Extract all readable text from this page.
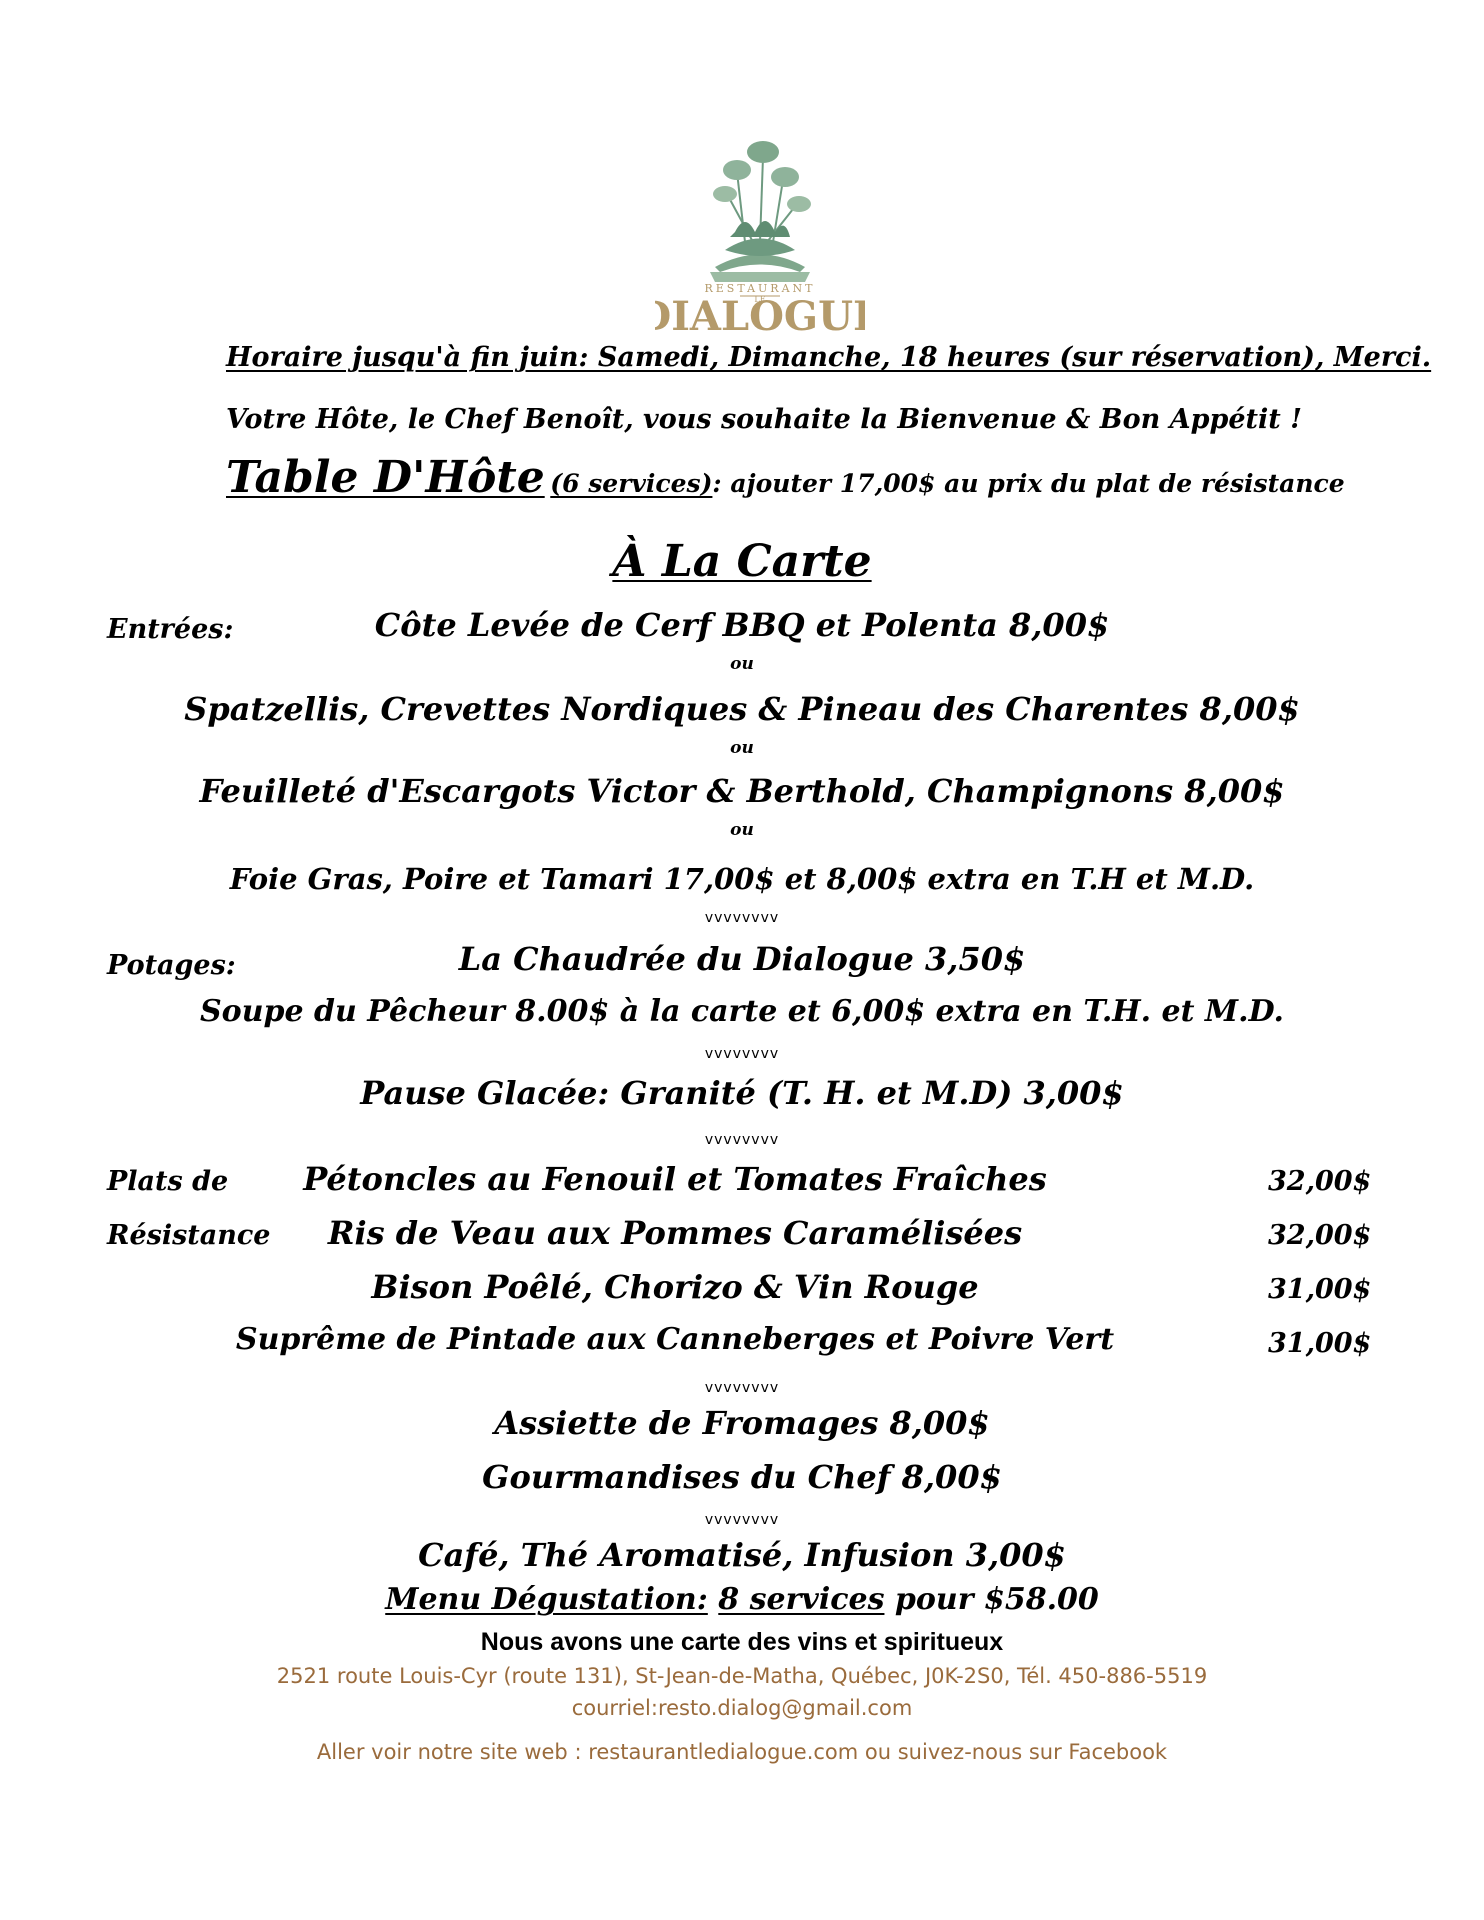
RESTAURANT
LE
IALOGU
Horaire jusqu'à fin juin: Samedi, Dimanche, 18 heures (sur réservation), Merci.
Votre Hôte, le Chef Benoît, vous souhaite la Bienvenue & Bon Appétit !
Table D'Hôte (6 services): ajouter 17,00$ au prix du plat de résistance
À La Carte
Entrées:	Côte Levée de Cerf BBQ et Polenta 8,00$
ou
Spatzellis, Crevettes Nordiques & Pineau des Charentes 8,00$
ou
Feuilleté d'Escargots Victor & Berthold, Champignons 8,00$
ou
Foie Gras, Poire et Tamari 17,00$ et 8,00$ extra en T.H et M.D.
vvvvvvvv
Potages:	La Chaudrée du Dialogue 3,50$
Soupe du Pêcheur 8.00$ à la carte et 6,00$ extra en T.H. et M.D.
vvvvvvvv
Pause Glacée: Granité (T. H. et M.D) 3,00$
vvvvvvvv
Plats de
Résistance
Pétoncles au Fenouil et Tomates Fraîches	32,00$
Ris de Veau aux Pommes Caramélisées	32,00$
Bison Poêlé, Chorizo & Vin Rouge	31,00$
Suprême de Pintade aux Canneberges et Poivre Vert	31,00$
vvvvvvvv
Assiette de Fromages 8,00$
Gourmandises du Chef 8,00$
vvvvvvvv
Café, Thé Aromatisé, Infusion 3,00$
Menu Dégustation: 8 services pour $58.00
Nous avons une carte des vins et spiritueux
2521 route Louis-Cyr (route 131), St-Jean-de-Matha, Québec, J0K-2S0, Tél. 450-886-5519
courriel:resto.dialog@gmail.com
Aller voir notre site web : restaurantledialogue.com ou suivez-nous sur Facebook
